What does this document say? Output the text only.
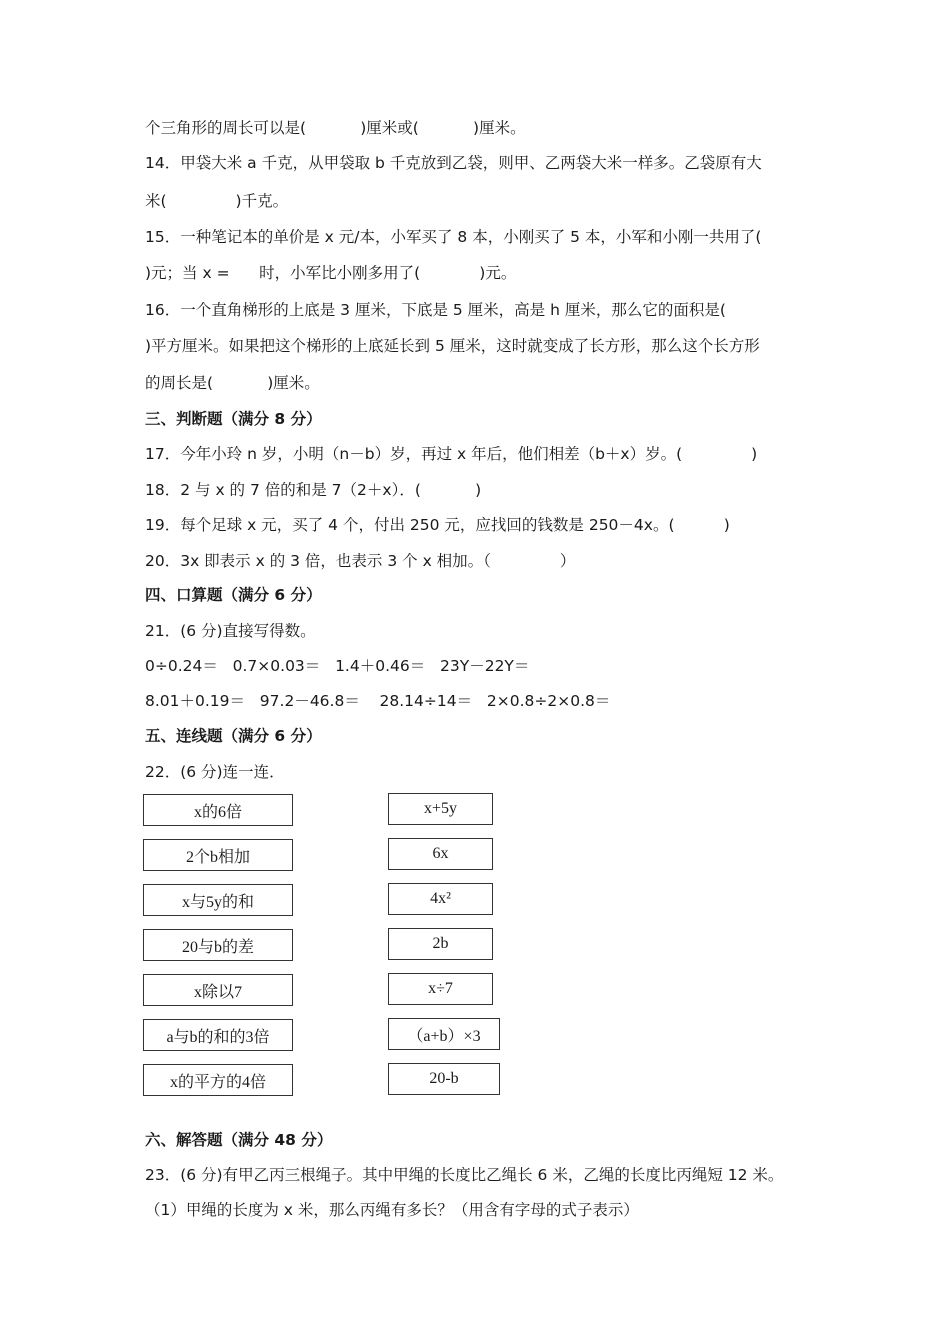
个三角形的周长可以是(           )厘米或(           )厘米。
14．甲袋大米 a 千克，从甲袋取 b 千克放到乙袋，则甲、乙两袋大米一样多。乙袋原有大
米(              )千克。
15．一种笔记本的单价是 x 元/本，小军买了 8 本，小刚买了 5 本，小军和小刚一共用了(
)元；当 x =      时，小军比小刚多用了(            )元。
16．一个直角梯形的上底是 3 厘米，下底是 5 厘米，高是 h 厘米，那么它的面积是(
)平方厘米。如果把这个梯形的上底延长到 5 厘米，这时就变成了长方形，那么这个长方形
的周长是(           )厘米。
三、判断题（满分 8 分）
17．今年小玲 n 岁，小明（n－b）岁，再过 x 年后，他们相差（b＋x）岁。(              )
18．2 与 x 的 7 倍的和是 7（2＋x）．(           )
19．每个足球 x 元，买了 4 个，付出 250 元，应找回的钱数是 250－4x。(          )
20．3x 即表示 x 的 3 倍，也表示 3 个 x 相加。（              ）
四、口算题（满分 6 分）
21．(6 分)直接写得数。
0÷0.24＝   0.7×0.03＝   1.4＋0.46＝   23Y－22Y＝
8.01＋0.19＝   97.2－46.8＝    28.14÷14＝   2×0.8÷2×0.8＝
五、连线题（满分 6 分）
22．(6 分)连一连．
x的6倍
2个b相加
x与5y的和
20与b的差
x除以7
a与b的和的3倍
x的平方的4倍
x+5y
6x
4x²
2b
x÷7
（a+b）×3
20-b
六、解答题（满分 48 分）
23．(6 分)有甲乙丙三根绳子。其中甲绳的长度比乙绳长 6 米，乙绳的长度比丙绳短 12 米。
（1）甲绳的长度为 x 米，那么丙绳有多长？（用含有字母的式子表示）
